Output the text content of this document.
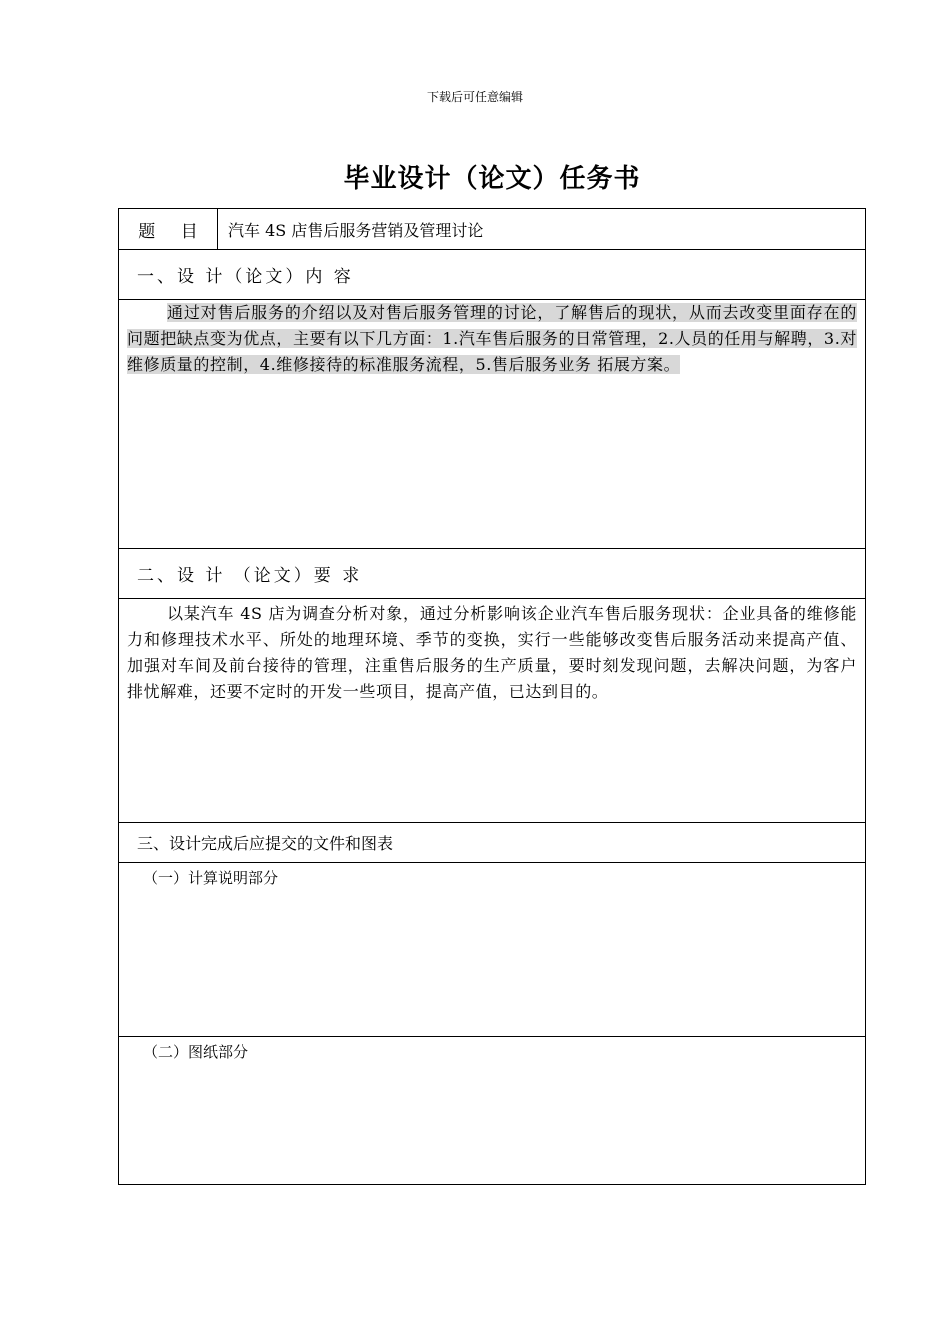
下载后可任意编辑
毕业设计（论文）任务书
题 目	汽车 4S 店售后服务营销及管理讨论
一、设 计（论文）内 容

通过对售后服务的介绍以及对售后服务管理的讨论，了解售后的现状，从而去改变里面存在的问题把缺点变为优点，主要有以下几方面：1.汽车售后服务的日常管理，2.人员的任用与解聘，3.对维修质量的控制，4.维修接待的标准服务流程，5.售后服务业务 拓展方案。

二、设 计 （论文）要 求

以某汽车 4S 店为调查分析对象，通过分析影响该企业汽车售后服务现状：企业具备的维修能力和修理技术水平、所处的地理环境、季节的变换，实行一些能够改变售后服务活动来提高产值、加强对车间及前台接待的管理，注重售后服务的生产质量，要时刻发现问题，去解决问题，为客户排忧解难，还要不定时的开发一些项目，提高产值，已达到目的。

三、设计完成后应提交的文件和图表
（一）计算说明部分
（二）图纸部分
